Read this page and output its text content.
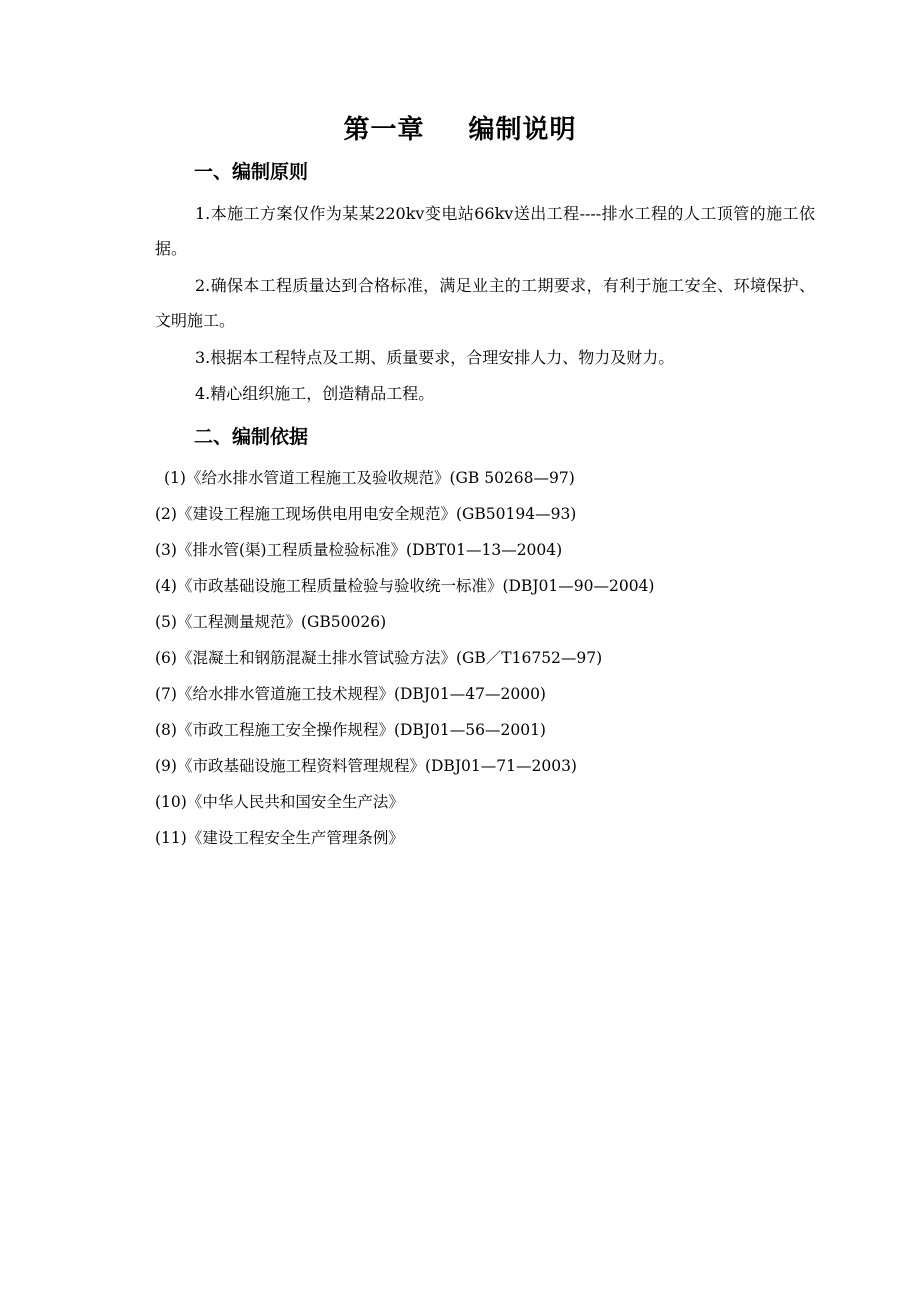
第一章 编制说明
一、编制原则

1.本施工方案仅作为某某220kv变电站66kv送出工程----排水工程的人工顶管的施工依据。

2.确保本工程质量达到合格标准，满足业主的工期要求，有利于施工安全、环境保护、文明施工。

3.根据本工程特点及工期、质量要求，合理安排人力、物力及财力。

4.精心组织施工，创造精品工程。

二、编制依据
(1)《给水排水管道工程施工及验收规范》(GB 50268—97)
(2)《建设工程施工现场供电用电安全规范》(GB50194—93)
(3)《排水管(渠)工程质量检验标准》(DBT01—13—2004)
(4)《市政基础设施工程质量检验与验收统一标准》(DBJ01—90—2004)
(5)《工程测量规范》(GB50026)
(6)《混凝土和钢筋混凝土排水管试验方法》(GB／T16752—97)
(7)《给水排水管道施工技术规程》(DBJ01—47—2000)
(8)《市政工程施工安全操作规程》(DBJ01—56—2001)
(9)《市政基础设施工程资料管理规程》(DBJ01—71—2003)
(10)《中华人民共和国安全生产法》
(11)《建设工程安全生产管理条例》
